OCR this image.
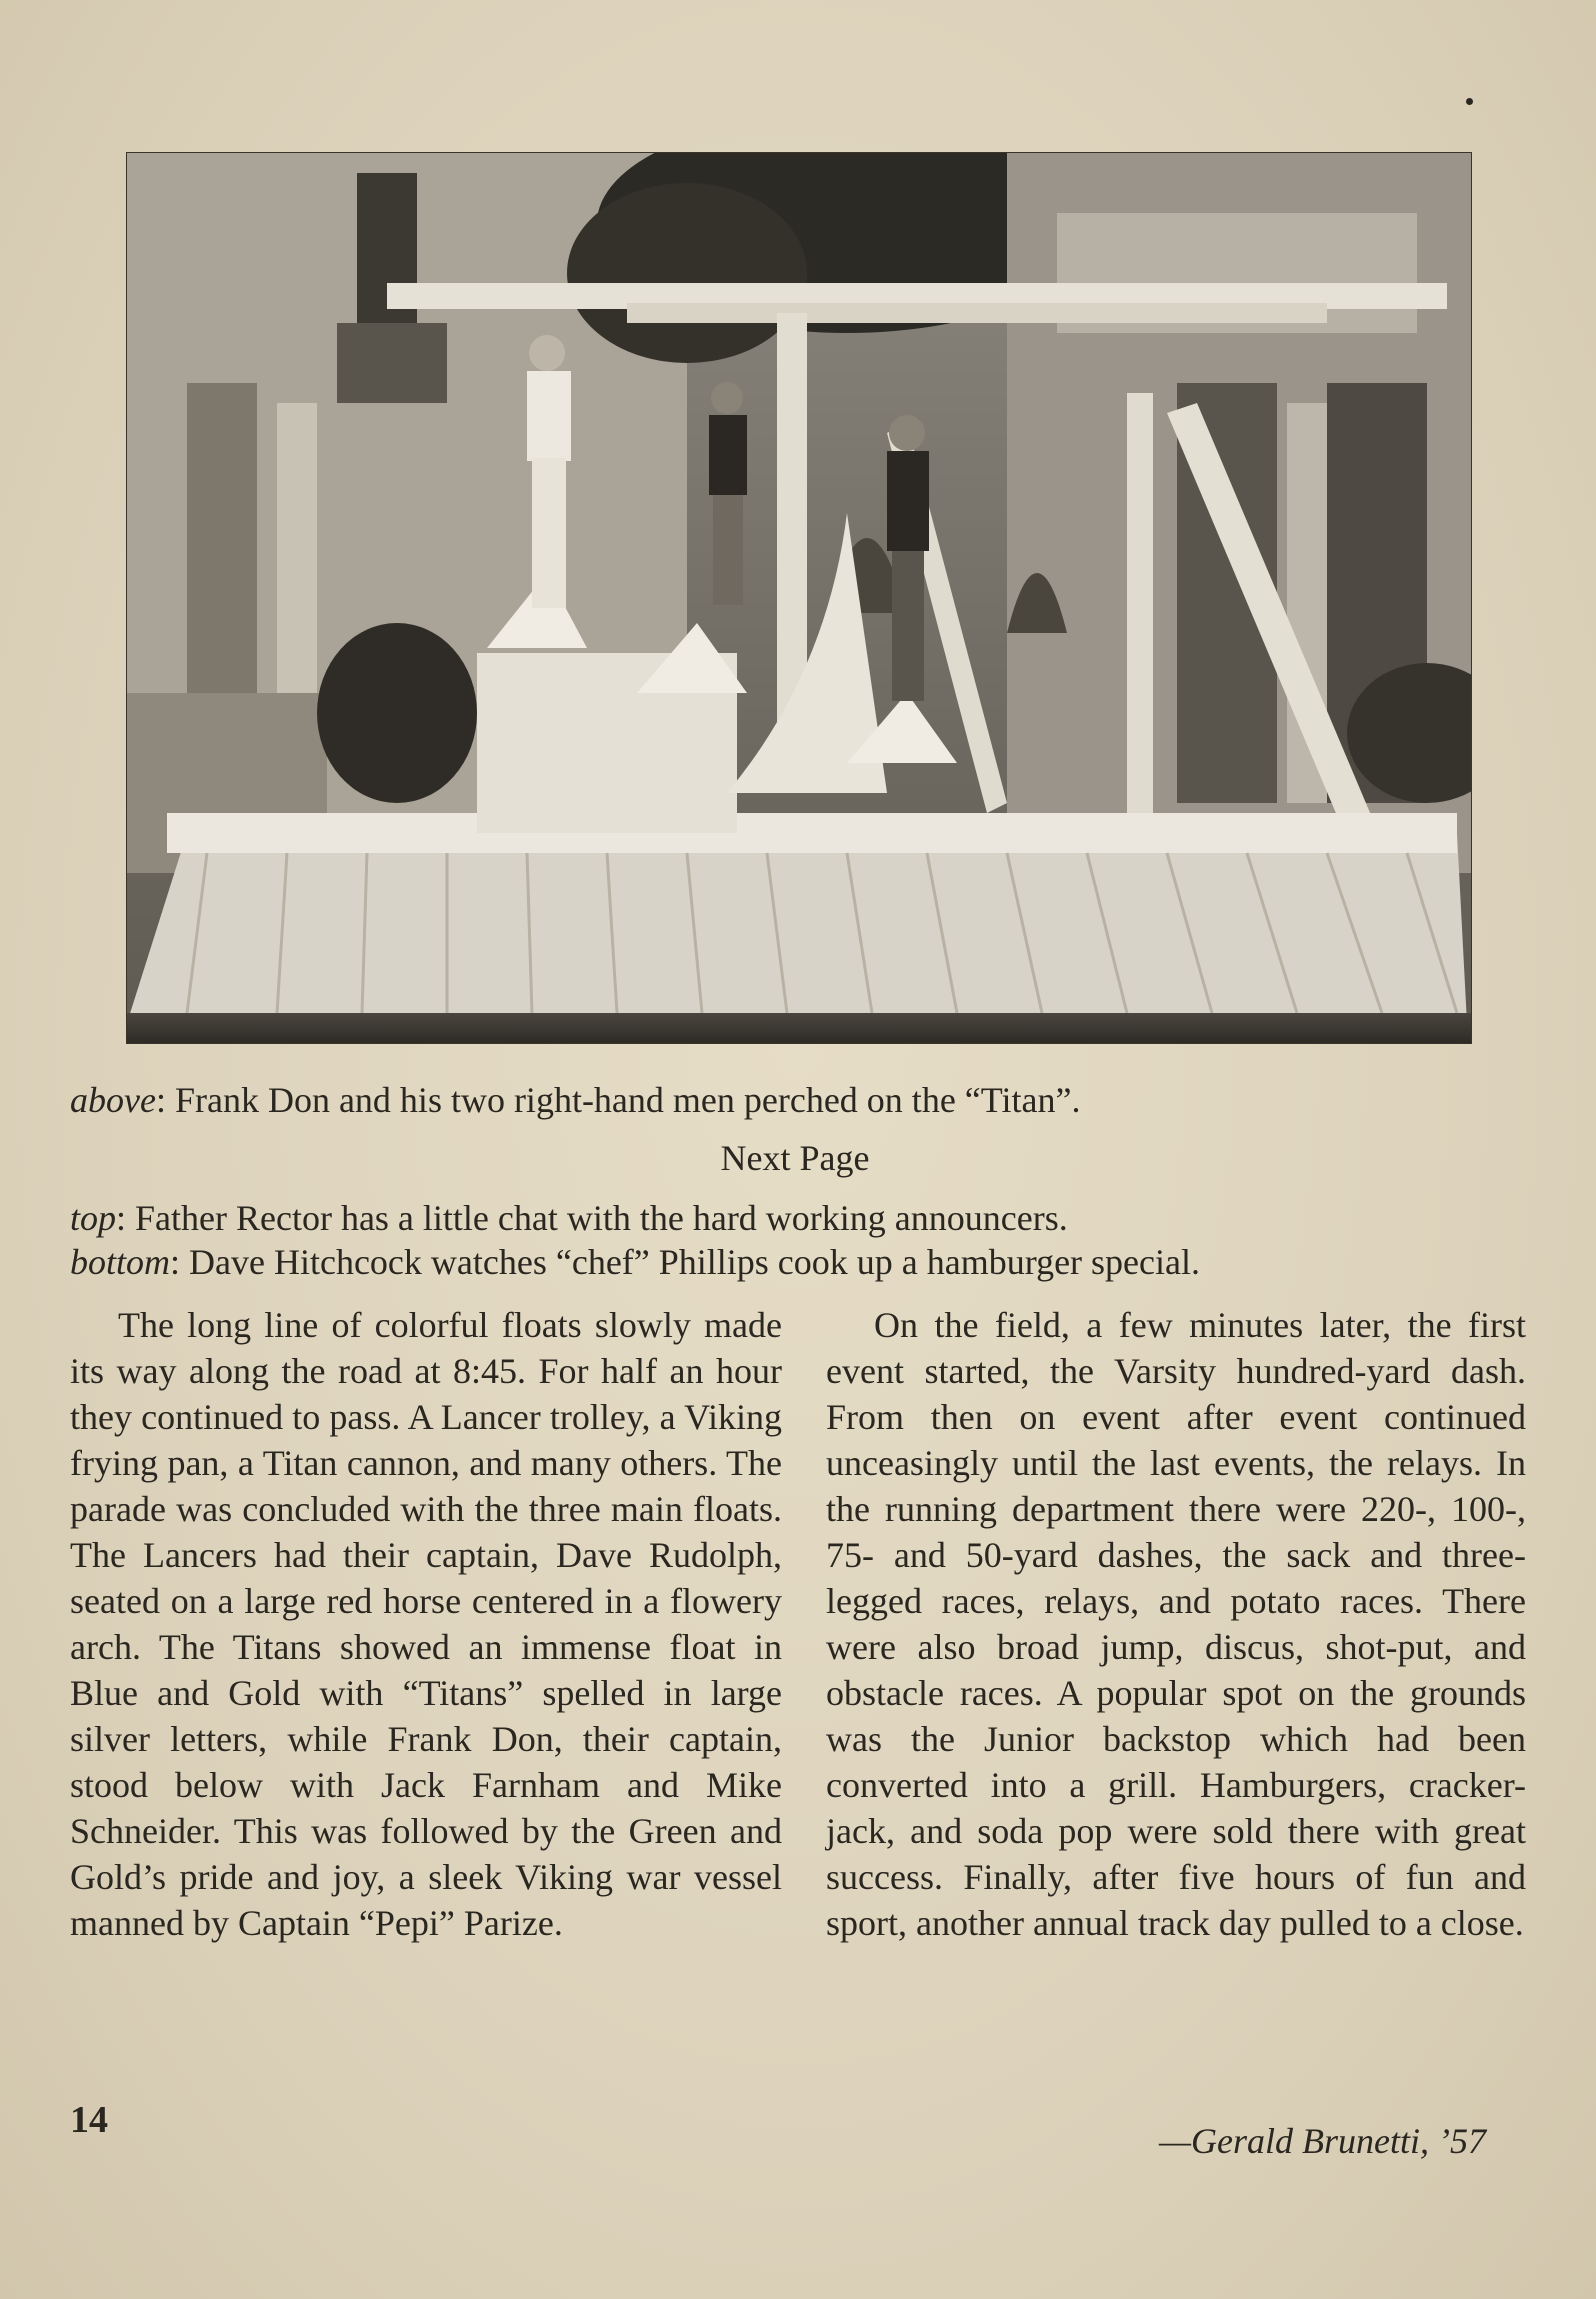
above: Frank Don and his two right-hand men perched on the “Titan”.
Next Page
top: Father Rector has a little chat with the hard working announcers.
bottom: Dave Hitchcock watches “chef” Phillips cook up a hamburger special.

The long line of colorful floats slowly made its way along the road at 8:45. For half an hour they continued to pass. A Lancer trolley, a Viking frying pan, a Titan cannon, and many others. The parade was concluded with the three main floats. The Lancers had their captain, Dave Rudolph, seated on a large red horse centered in a flowery arch. The Titans showed an immense float in Blue and Gold with “Titans” spelled in large silver letters, while Frank Don, their captain, stood below with Jack Farnham and Mike Schneider. This was followed by the Green and Gold’s pride and joy, a sleek Viking war vessel manned by Captain “Pepi” Parize.

On the field, a few minutes later, the first event started, the Varsity hundred-yard dash. From then on event after event continued unceasingly until the last events, the relays. In the running department there were 220-, 100-, 75- and 50-yard dashes, the sack and three-legged races, relays, and potato races. There were also broad jump, discus, shot-put, and obstacle races. A popular spot on the grounds was the Junior backstop which had been converted into a grill. Hamburgers, cracker-jack, and soda pop were sold there with great success. Finally, after five hours of fun and sport, another annual track day pulled to a close.

14	—Gerald Brunetti, ’57
